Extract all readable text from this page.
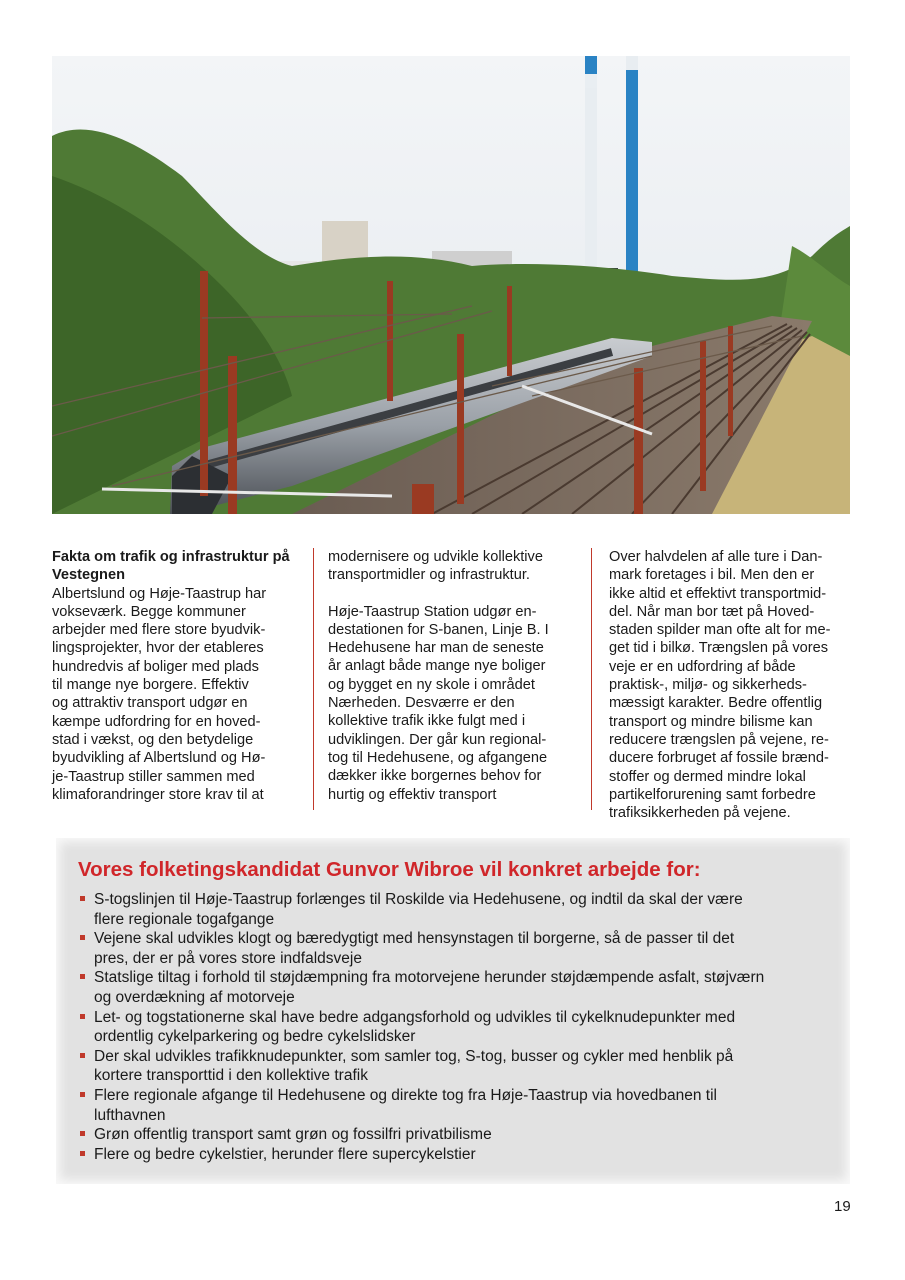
Fakta om trafik og infrastruktur på Vestegnen

Albertslund og Høje-Taastrup har

vokseværk. Begge kommuner

arbejder med flere store byudvik-

lingsprojekter, hvor der etableres

hundredvis af boliger med plads

til mange nye borgere. Effektiv

og attraktiv transport udgør en

kæmpe udfordring for en hoved-

stad i vækst, og den betydelige

byudvikling af Albertslund og Hø-

je-Taastrup stiller sammen med

klimaforandringer store krav til at

modernisere og udvikle kollektive

transportmidler og infrastruktur.

Høje-Taastrup Station udgør en-

destationen for S-banen, Linje B. I

Hedehusene har man de seneste

år anlagt både mange nye boliger

og bygget en ny skole i området

Nærheden. Desværre er den

kollektive trafik ikke fulgt med i

udviklingen. Der går kun regional-

tog til Hedehusene, og afgangene

dækker ikke borgernes behov for

hurtig og effektiv transport

Over halvdelen af alle ture i Dan-

mark foretages i bil. Men den er

ikke altid et effektivt transportmid-

del. Når man bor tæt på Hoved-

staden spilder man ofte alt for me-

get tid i bilkø. Trængslen på vores

veje er en udfordring af både

praktisk-, miljø- og sikkerheds-

mæssigt karakter. Bedre offentlig

transport og mindre bilisme kan

reducere trængslen på vejene, re-

ducere forbruget af fossile brænd-

stoffer og dermed mindre lokal

partikelforurening samt forbedre

trafiksikkerheden på vejene.

Vores folketingskandidat Gunvor Wibroe vil konkret arbejde for:
S-togslinjen til Høje-Taastrup forlænges til Roskilde via Hedehusene, og indtil da skal der være
flere regionale togafgange
Vejene skal udvikles klogt og bæredygtigt med hensynstagen til borgerne, så de passer til det
pres, der er på vores store indfaldsveje
Statslige tiltag i forhold til støjdæmpning fra motorvejene herunder støjdæmpende asfalt, støjværn
og overdækning af motorveje
Let- og togstationerne skal have bedre adgangsforhold og udvikles til cykelknudepunkter med
ordentlig cykelparkering og bedre cykelslidsker
Der skal udvikles trafikknudepunkter, som samler tog, S-tog, busser og cykler med henblik på
kortere transporttid i den kollektive trafik
Flere regionale afgange til Hedehusene og direkte tog fra Høje-Taastrup via hovedbanen til
lufthavnen
Grøn offentlig transport samt grøn og fossilfri privatbilisme
Flere og bedre cykelstier, herunder flere supercykelstier
19
